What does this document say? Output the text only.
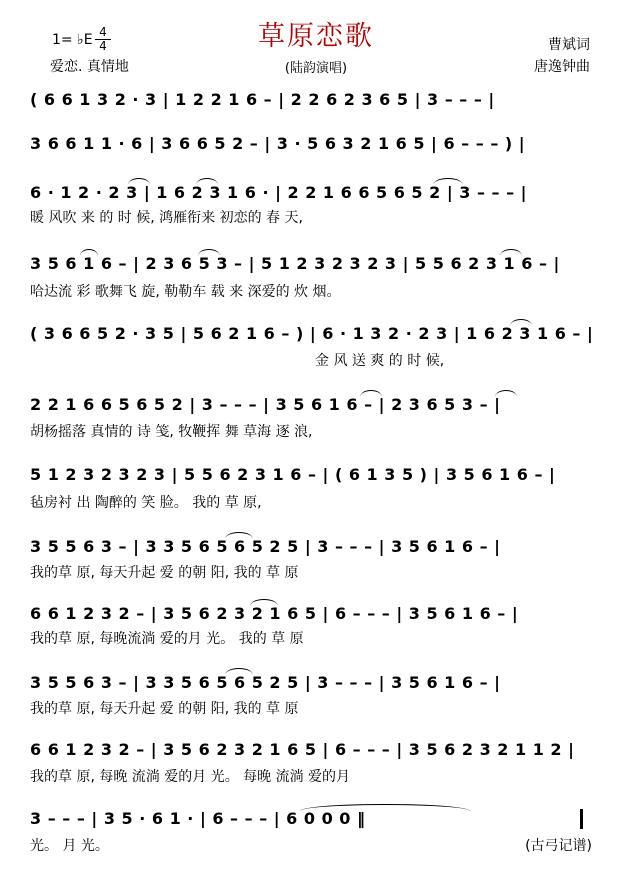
草原恋歌
1= ♭E 4
4
爱恋. 真情地	(陆韵演唱)
曹斌词
唐逸钟曲
( 6 6 1 3 2 · 3 | 1 2 2 1 6 – | 2 2 6 2 3 6 5 | 3 – – – |
3 6 6 1 1 · 6 | 3 6 6 5 2 – | 3 · 5 6 3 2 1 6 5 | 6 – – – ) |
6 · 1 2 · 2 3 | 1 6 2 3 1 6 · | 2 2 1 6 6 5 6 5 2 | 3 – – – |
暖 风吹 来 的 时 候, 鸿雁衔来 初恋的 春 天,
3 5 6 1 6 – | 2 3 6 5 3 – | 5 1 2 3 2 3 2 3 | 5 5 6 2 3 1 6 – |
哈达流 彩 歌舞飞 旋, 勒勒车 载 来 深爱的 炊 烟。
( 3 6 6 5 2 · 3 5 | 5 6 2 1 6 – ) | 6 · 1 3 2 · 2 3 | 1 6 2 3 1 6 – |
金 风 送 爽 的 时 候,
2 2 1 6 6 5 6 5 2 | 3 – – – | 3 5 6 1 6 – | 2 3 6 5 3 – |
胡杨摇落 真情的 诗 笺, 牧鞭挥 舞 草海 逐 浪,
5 1 2 3 2 3 2 3 | 5 5 6 2 3 1 6 – | ( 6 1 3 5 ) | 3 5 6 1 6 – |
毡房衬 出 陶醉的 笑 脸。 我的 草 原,
3 5 5 6 3 – | 3 3 5 6 5 6 5 2 5 | 3 – – – | 3 5 6 1 6 – |
我的草 原, 每天升起 爱 的朝 阳, 我的 草 原
6 6 1 2 3 2 – | 3 5 6 2 3 2 1 6 5 | 6 – – – | 3 5 6 1 6 – |
我的草 原, 每晚流淌 爱的月 光。 我的 草 原
3 5 5 6 3 – | 3 3 5 6 5 6 5 2 5 | 3 – – – | 3 5 6 1 6 – |
我的草 原, 每天升起 爱 的朝 阳, 我的 草 原
6 6 1 2 3 2 – | 3 5 6 2 3 2 1 6 5 | 6 – – – | 3 5 6 2 3 2 1 1 2 |
我的草 原, 每晚 流淌 爱的月 光。 每晚 流淌 爱的月
3 – – – | 3 5 · 6 1 · | 6 – – – | 6 0 0 0 ‖
光。 月 光。	(古弓记谱)
